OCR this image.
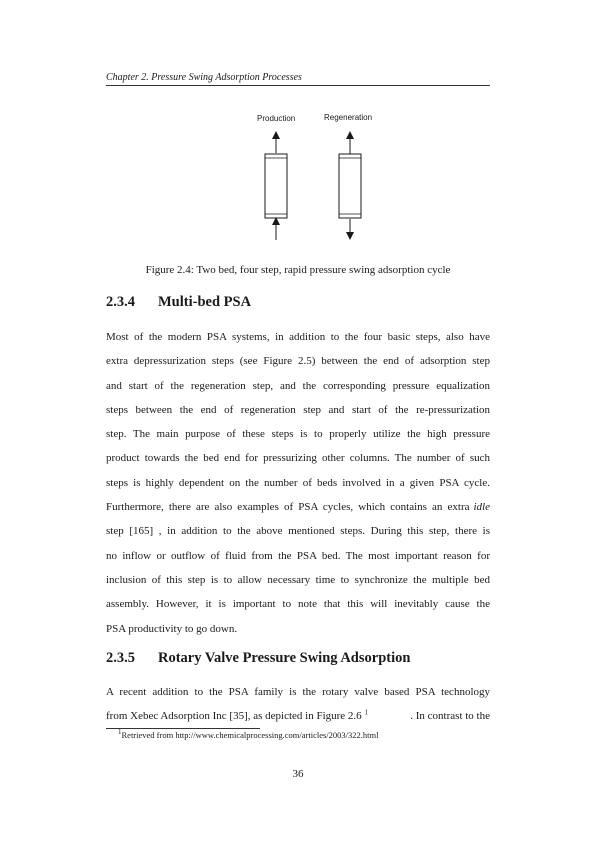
Chapter 2. Pressure Swing Adsorption Processes
Production	Regeneration
Figure 2.4: Two bed, four step, rapid pressure swing adsorption cycle
2.3.4 Multi-bed PSA
Most of the modern PSA systems, in addition to the four basic steps, also have
extra depressurization steps (see Figure 2.5) between the end of adsorption step
and start of the regeneration step, and the corresponding pressure equalization
steps between the end of regeneration step and start of the re-pressurization
step. The main purpose of these steps is to properly utilize the high pressure
product towards the bed end for pressurizing other columns. The number of such
steps is highly dependent on the number of beds involved in a given PSA cycle.
Furthermore, there are also examples of PSA cycles, which contains an extra idle
step [165] , in addition to the above mentioned steps. During this step, there is
no inflow or outflow of fluid from the PSA bed. The most important reason for
inclusion of this step is to allow necessary time to synchronize the multiple bed
assembly. However, it is important to note that this will inevitably cause the
PSA productivity to go down.
2.3.5 Rotary Valve Pressure Swing Adsorption
A recent addition to the PSA family is the rotary valve based PSA technology
from Xebec Adsorption Inc [35], as depicted in Figure 2.6 $^1$	. In contrast to the
$^1$Retrieved from http://www.chemicalprocessing.com/articles/2003/322.html
36
